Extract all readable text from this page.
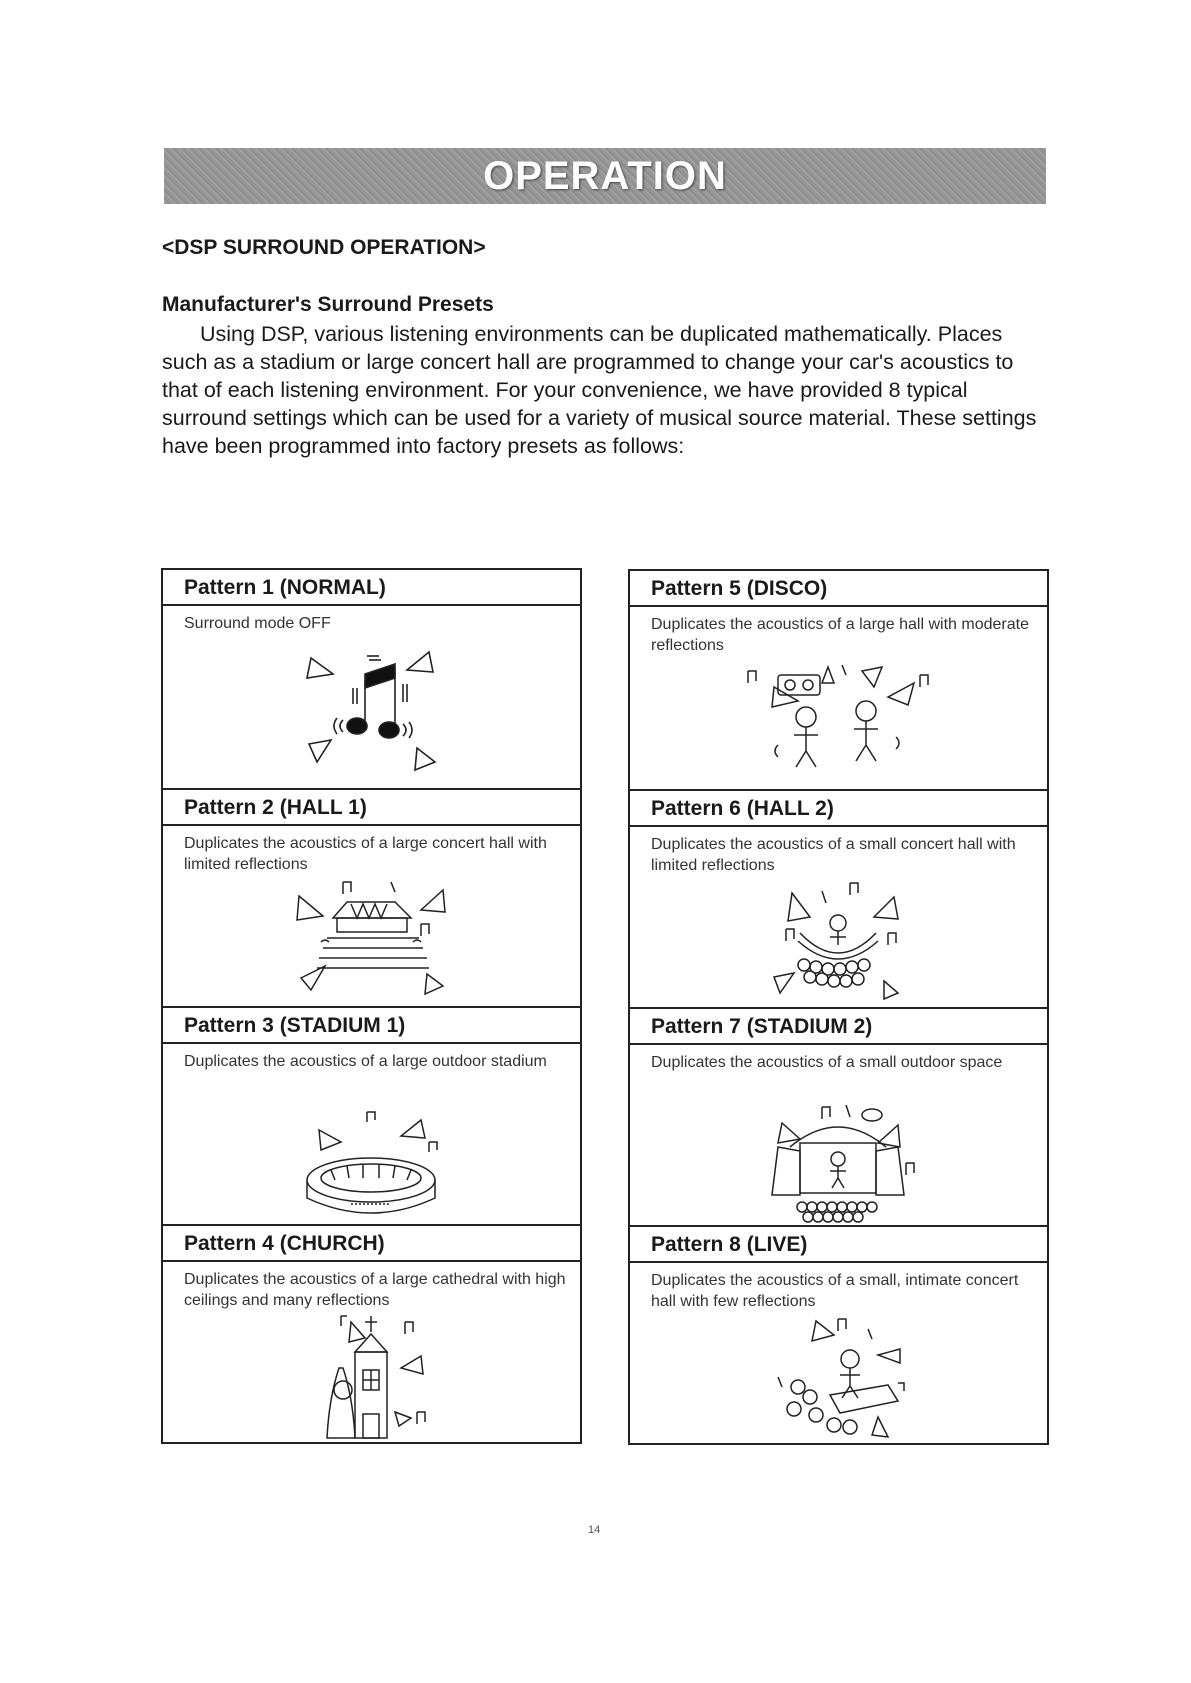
OPERATION
<DSP SURROUND OPERATION>
Manufacturer's Surround Presets

Using DSP, various listening environments can be duplicated mathematically. Places such as a stadium or large concert hall are programmed to change your car's acoustics to that of each listening environment. For your convenience, we have provided 8 typical surround settings which can be used for a variety of musical source material. These settings have been programmed into factory presets as follows:

Pattern 1 (NORMAL)

Surround mode OFF

Pattern 2 (HALL 1)

Duplicates the acoustics of a large concert hall with limited reflections

Pattern 3 (STADIUM 1)

Duplicates the acoustics of a large outdoor stadium

Pattern 4 (CHURCH)

Duplicates the acoustics of a large cathedral with high ceilings and many reflections

Pattern 5 (DISCO)

Duplicates the acoustics of a large hall with moderate reflections

Pattern 6 (HALL 2)

Duplicates the acoustics of a small concert hall with limited reflections

Pattern 7 (STADIUM 2)

Duplicates the acoustics of a small outdoor space

Pattern 8 (LIVE)

Duplicates the acoustics of a small, intimate concert hall with few reflections

14
